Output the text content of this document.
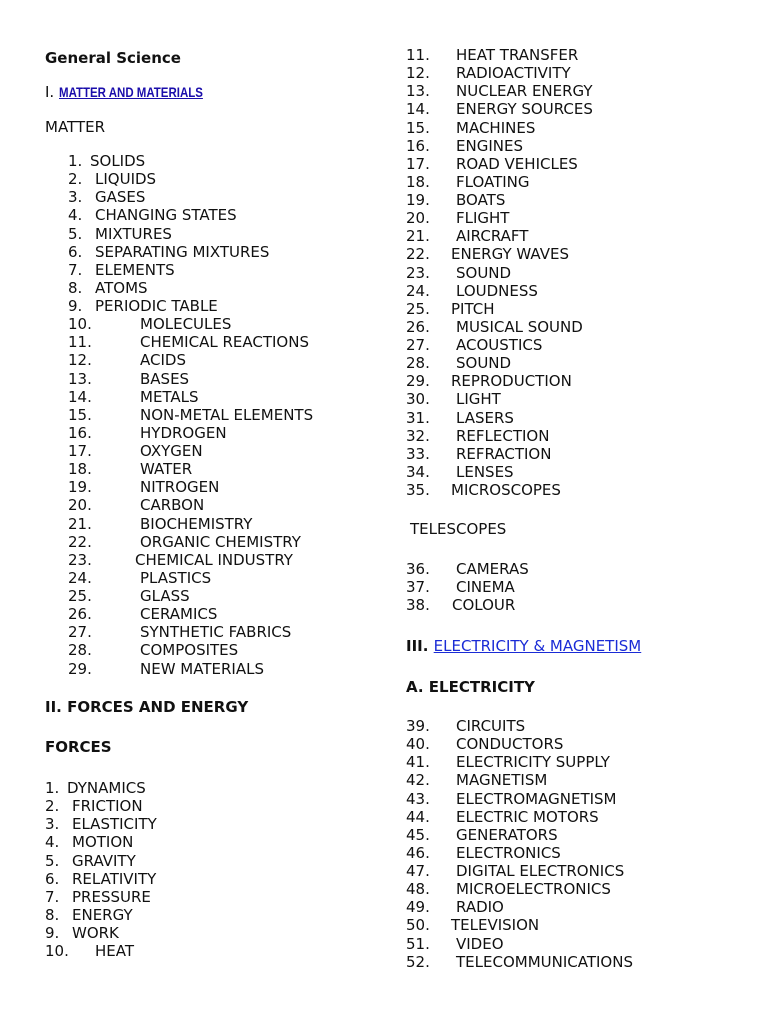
General Science
I. MATTER AND MATERIALS
MATTER
1. SOLIDS
2. LIQUIDS
3. GASES
4. CHANGING STATES
5. MIXTURES
6. SEPARATING MIXTURES
7. ELEMENTS
8. ATOMS
9. PERIODIC TABLE
10.	MOLECULES
11.	CHEMICAL REACTIONS
12.	ACIDS
13.	BASES
14.	METALS
15.	NON-METAL ELEMENTS
16.	HYDROGEN
17.	OXYGEN
18.	WATER
19.	NITROGEN
20.	CARBON
21.	BIOCHEMISTRY
22.	ORGANIC CHEMISTRY
23.	CHEMICAL INDUSTRY
24.	PLASTICS
25.	GLASS
26.	CERAMICS
27.	SYNTHETIC FABRICS
28.	COMPOSITES
29.	NEW MATERIALS
II. FORCES AND ENERGY
FORCES
1. DYNAMICS
2. FRICTION
3. ELASTICITY
4. MOTION
5. GRAVITY
6. RELATIVITY
7. PRESSURE
8. ENERGY
9. WORK
10. HEAT
11. HEAT TRANSFER
12. RADIOACTIVITY
13. NUCLEAR ENERGY
14. ENERGY SOURCES
15. MACHINES
16. ENGINES
17. ROAD VEHICLES
18. FLOATING
19. BOATS
20. FLIGHT
21. AIRCRAFT
22. ENERGY WAVES
23. SOUND
24. LOUDNESS
25. PITCH
26. MUSICAL SOUND
27. ACOUSTICS
28. SOUND
29. REPRODUCTION
30. LIGHT
31. LASERS
32. REFLECTION
33. REFRACTION
34. LENSES
35. MICROSCOPES
TELESCOPES
36. CAMERAS
37. CINEMA
38. COLOUR
III. ELECTRICITY & MAGNETISM
A. ELECTRICITY
39. CIRCUITS
40. CONDUCTORS
41. ELECTRICITY SUPPLY
42. MAGNETISM
43. ELECTROMAGNETISM
44. ELECTRIC MOTORS
45. GENERATORS
46. ELECTRONICS
47. DIGITAL ELECTRONICS
48. MICROELECTRONICS
49. RADIO
50. TELEVISION
51. VIDEO
52. TELECOMMUNICATIONS
